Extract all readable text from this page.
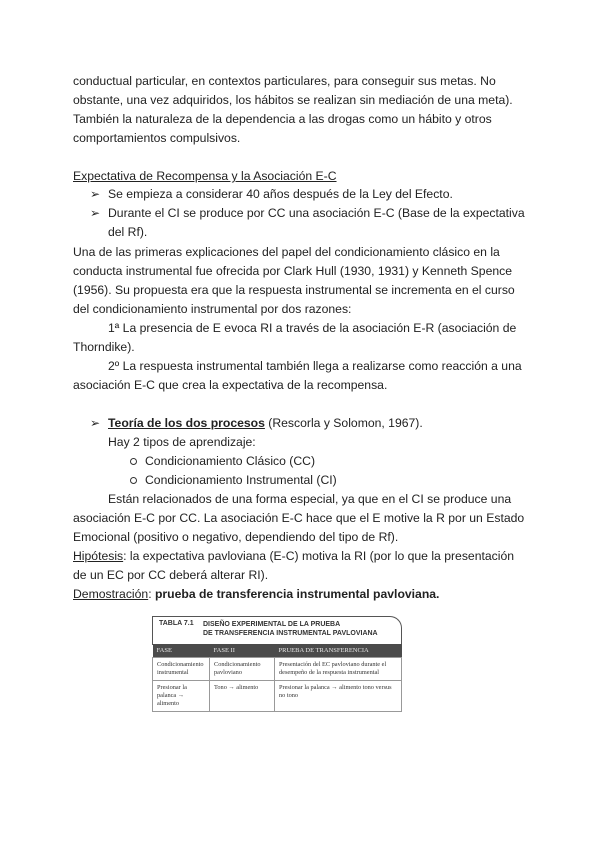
conductual particular, en contextos particulares, para conseguir sus metas. No
obstante, una vez adquiridos, los hábitos se realizan sin mediación de una meta).
También la naturaleza de la dependencia a las drogas como un hábito y otros
comportamientos compulsivos.
Expectativa de Recompensa y la Asociación E-C
➢ Se empieza a considerar 40 años después de la Ley del Efecto.
➢ Durante el CI se produce por CC una asociación E-C (Base de la expectativa
del Rf).
Una de las primeras explicaciones del papel del condicionamiento clásico en la
conducta instrumental fue ofrecida por Clark Hull (1930, 1931) y Kenneth Spence
(1956). Su propuesta era que la respuesta instrumental se incrementa en el curso
del condicionamiento instrumental por dos razones:
1ª La presencia de E evoca RI a través de la asociación E-R (asociación de
Thorndike).
2º La respuesta instrumental también llega a realizarse como reacción a una
asociación E-C que crea la expectativa de la recompensa.
➢ Teoría de los dos procesos (Rescorla y Solomon, 1967).
Hay 2 tipos de aprendizaje:
Condicionamiento Clásico (CC)
Condicionamiento Instrumental (CI)
Están relacionados de una forma especial, ya que en el CI se produce una
asociación E-C por CC. La asociación E-C hace que el E motive la R por un Estado
Emocional (positivo o negativo, dependiendo del tipo de Rf).
Hipótesis: la expectativa pavloviana (E-C) motiva la RI (por lo que la presentación
de un EC por CC deberá alterar RI).
Demostración: prueba de transferencia instrumental pavloviana.
TABLA 7.1 DISEÑO EXPERIMENTAL DE LA PRUEBA
DE TRANSFERENCIA INSTRUMENTAL PAVLOVIANA
FASE	FASE II	PRUEBA DE TRANSFERENCIA
Condicionamiento instrumental	Condicionamiento pavloviano	Presentación del EC pavloviano durante el desempeño de la respuesta instrumental
Presionar la palanca → alimento	Tono → alimento	Presionar la palanca → alimento tono versus no tono
